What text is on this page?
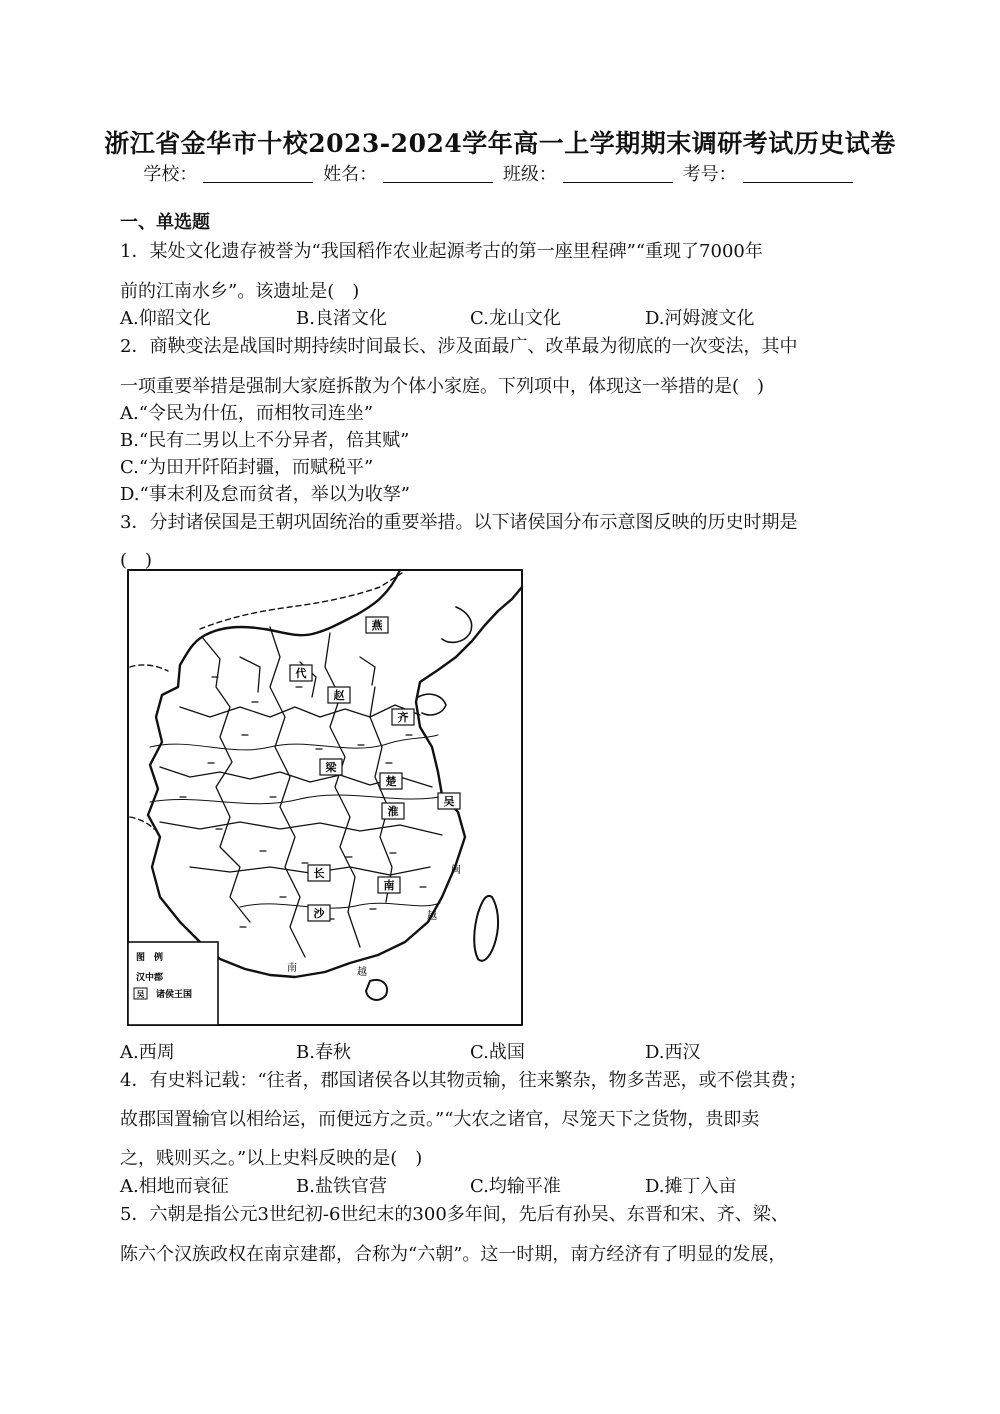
浙江省金华市十校2023-2024学年高一上学期期末调研考试历史试卷
学校：	姓名：	班级：	考号：
一、单选题
1．某处文化遗存被誉为“我国稻作农业起源考古的第一座里程碑”“重现了7000年
前的江南水乡”。该遗址是(　)
A.仰韶文化	B.良渚文化	C.龙山文化	D.河姆渡文化
2．商鞅变法是战国时期持续时间最长、涉及面最广、改革最为彻底的一次变法，其中
一项重要举措是强制大家庭拆散为个体小家庭。下列项中，体现这一举措的是(　)
A.“令民为什伍，而相牧司连坐”
B.“民有二男以上不分异者，倍其赋”
C.“为田开阡陌封疆，而赋税平”
D.“事末利及怠而贫者，举以为收孥”
3．分封诸侯国是王朝巩固统治的重要举措。以下诸侯国分布示意图反映的历史时期是
(　)
燕
代
赵
齐
梁
楚
淮
吴
长
沙
南
闽
越
南	越
图　例
汉中郡
吴 诸侯王国
A.西周	B.春秋	C.战国	D.西汉
4．有史料记载：“往者，郡国诸侯各以其物贡输，往来繁杂，物多苦恶，或不偿其费；
故郡国置输官以相给运，而便远方之贡。”“大农之诸官，尽笼天下之货物，贵即卖
之，贱则买之。”以上史料反映的是(　)
A.相地而衰征	B.盐铁官营	C.均输平准	D.摊丁入亩
5．六朝是指公元3世纪初-6世纪末的300多年间，先后有孙吴、东晋和宋、齐、梁、
陈六个汉族政权在南京建都，合称为“六朝”。这一时期，南方经济有了明显的发展，
